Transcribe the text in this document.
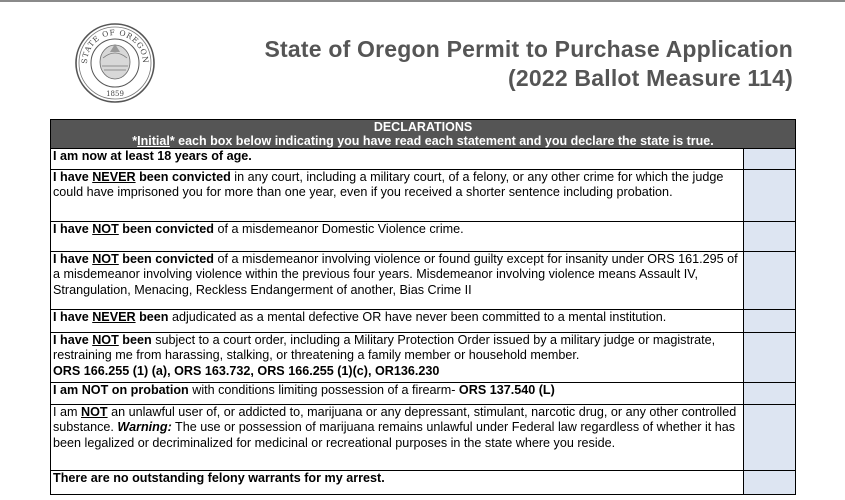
STATE OF OREGON
1859
State of Oregon Permit to Purchase Application
(2022 Ballot Measure 114)
DECLARATIONS
*Initial* each box below indicating you have read each statement and you declare the state is true.	

I am now at least 18 years of age.	
I have NEVER been convicted in any court, including a military court, of a felony, or any other crime for which the judge could have imprisoned you for more than one year, even if you received a shorter sentence including probation.	
I have NOT been convicted of a misdemeanor Domestic Violence crime.	
I have NOT been convicted of a misdemeanor involving violence or found guilty except for insanity under ORS 161.295 of a misdemeanor involving violence within the previous four years. Misdemeanor involving violence means Assault IV, Strangulation, Menacing, Reckless Endangerment of another, Bias Crime II	
I have NEVER been adjudicated as a mental defective OR have never been committed to a mental institution.	
I have NOT been subject to a court order, including a Military Protection Order issued by a military judge or magistrate, restraining me from harassing, stalking, or threatening a family member or household member.
ORS 166.255 (1) (a), ORS 163.732, ORS 166.255 (1)(c), OR136.230	
I am NOT on probation with conditions limiting possession of a firearm- ORS 137.540 (L)	
I am NOT an unlawful user of, or addicted to, marijuana or any depressant, stimulant, narcotic drug, or any other controlled substance. Warning: The use or possession of marijuana remains unlawful under Federal law regardless of whether it has been legalized or decriminalized for medicinal or recreational purposes in the state where you reside.	
There are no outstanding felony warrants for my arrest.	
